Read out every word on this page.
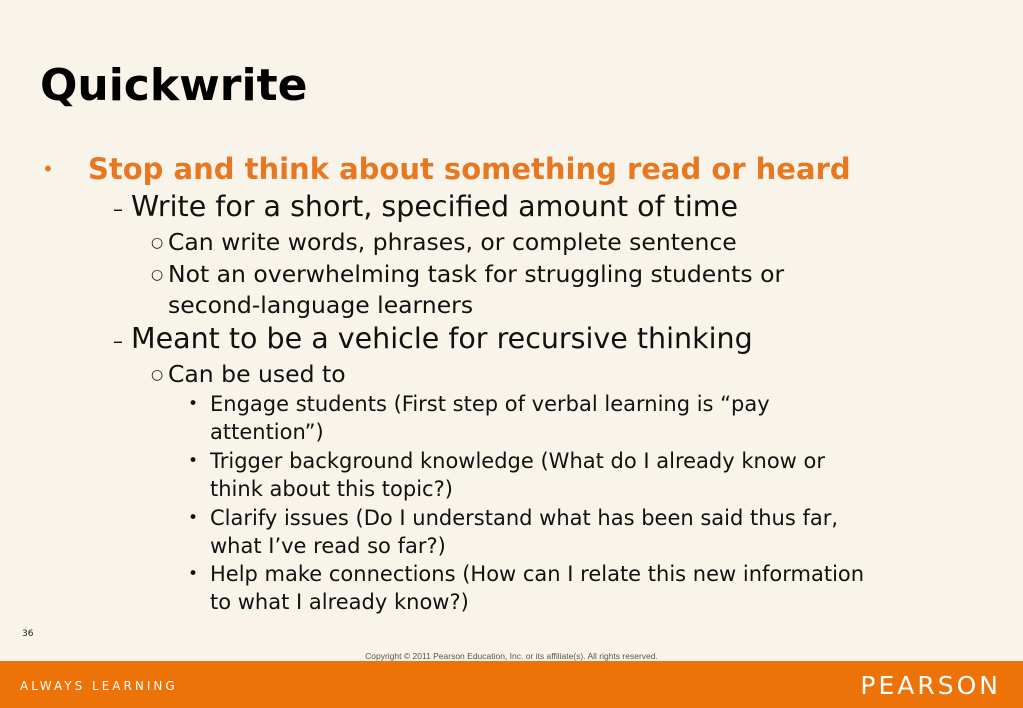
Quickwrite
• Stop and think about something read or heard
– Write for a short, specified amount of time
○ Can write words, phrases, or complete sentence
○ Not an overwhelming task for struggling students or
second-language learners
– Meant to be a vehicle for recursive thinking
○ Can be used to
• Engage students (First step of verbal learning is “pay
attention”)
• Trigger background knowledge (What do I already know or
think about this topic?)
• Clarify issues (Do I understand what has been said thus far,
what I’ve read so far?)
• Help make connections (How can I relate this new information
to what I already know?)
36
Copyright © 2011 Pearson Education, Inc. or its affiliate(s). All rights reserved.
ALWAYS LEARNING	PEARSON
